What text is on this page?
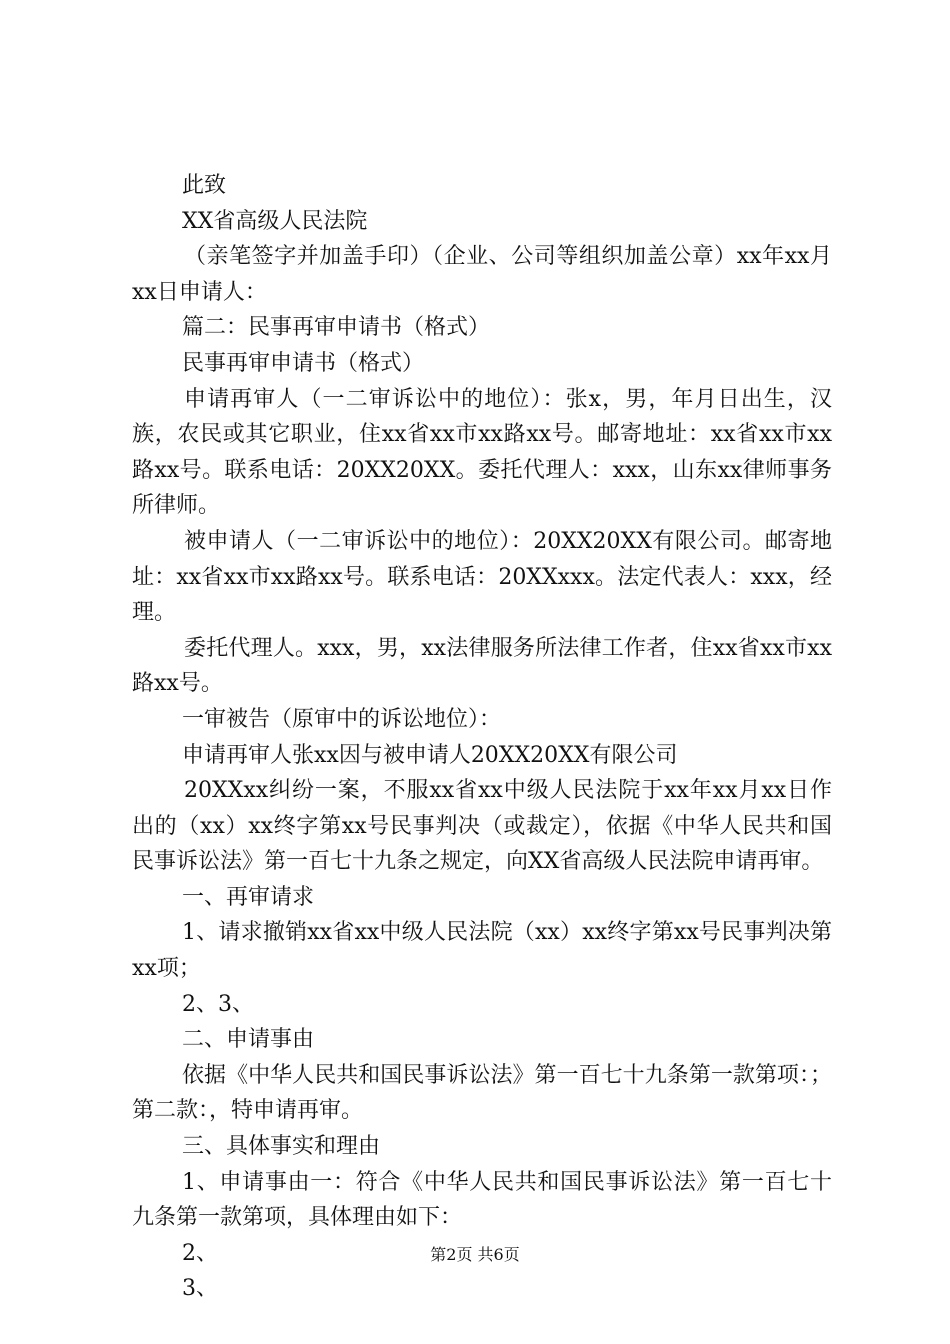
此致

XX省高级人民法院

（亲笔签字并加盖手印）（企业、公司等组织加盖公章）xx年xx月xx日申请人：

篇二：民事再审申请书（格式）

民事再审申请书（格式）

申请再审人（一二审诉讼中的地位）：张x，男，年月日出生，汉族，农民或其它职业，住xx省xx市xx路xx号。邮寄地址：xx省xx市xx路xx号。联系电话：20XX20XX。委托代理人：xxx，山东xx律师事务所律师。

被申请人（一二审诉讼中的地位）：20XX20XX有限公司。邮寄地址：xx省xx市xx路xx号。联系电话：20XXxxx。法定代表人：xxx，经理。

委托代理人。xxx，男，xx法律服务所法律工作者，住xx省xx市xx路xx号。

一审被告（原审中的诉讼地位）：

申请再审人张xx因与被申请人20XX20XX有限公司

20XXxx纠纷一案，不服xx省xx中级人民法院于xx年xx月xx日作出的（xx）xx终字第xx号民事判决（或裁定），依据《中华人民共和国民事诉讼法》第一百七十九条之规定，向XX省高级人民法院申请再审。

一、再审请求

1、请求撤销xx省xx中级人民法院（xx）xx终字第xx号民事判决第xx项；

2、3、

二、申请事由

依据《中华人民共和国民事诉讼法》第一百七十九条第一款第项：；第二款：，特申请再审。

三、具体事实和理由

1、申请事由一：符合《中华人民共和国民事诉讼法》第一百七十九条第一款第项，具体理由如下：

2、

3、

第2页 共6页
